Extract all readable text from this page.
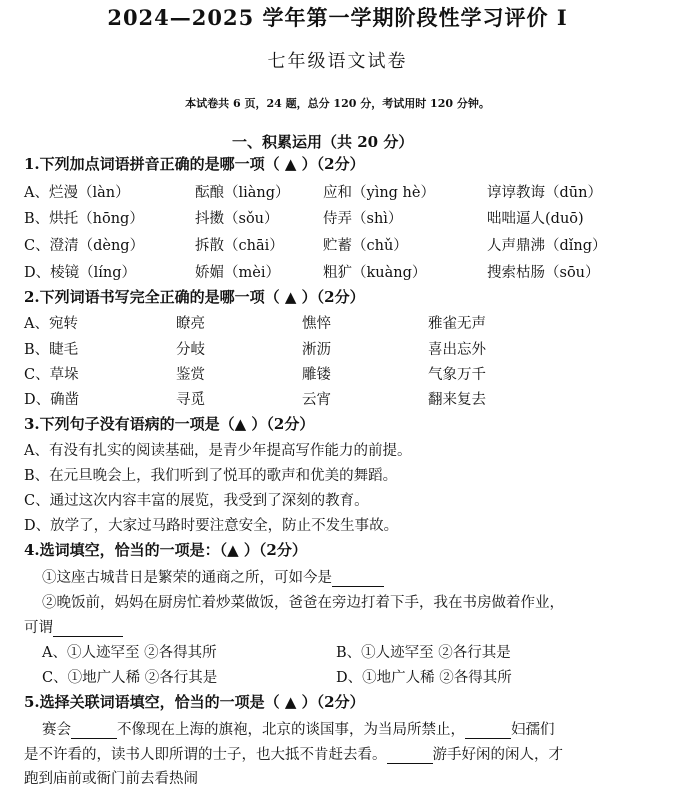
2024—2025 学年第一学期阶段性学习评价 I
七年级语文试卷
本试卷共 6 页，24 题，总分 120 分，考试用时 120 分钟。
一、积累运用（共 20 分）
1.下列加点词语拼音正确的是哪一项（ ▲ ）（2分）
A、烂漫（làn）	酝酿（liàng） 应和（yìng hè）	谆谆教诲（dūn）
B、烘托（hōng）	抖擞（sǒu）	侍弄（shì）	咄咄逼人(duō)
C、澄清（dèng）	拆散（chāi）	贮蓄（chǔ）	人声鼎沸（dǐng）
D、棱镜（líng）	娇媚（mèi）	粗犷（kuàng）	搜索枯肠（sōu）
2.下列词语书写完全正确的是哪一项（ ▲ ）（2分）
A、宛转	瞭亮	憔悴	雅雀无声
B、睫毛	分岐	淅沥	喜出忘外
C、草垛	鉴赏	雕镂	气象万千
D、确凿	寻觅	云宵	翻来复去
3.下列句子没有语病的一项是（▲ ）（2分）
A、有没有扎实的阅读基础，是青少年提高写作能力的前提。
B、在元旦晚会上，我们听到了悦耳的歌声和优美的舞蹈。
C、通过这次内容丰富的展览，我受到了深刻的教育。
D、放学了，大家过马路时要注意安全，防止不发生事故。
4.选词填空，恰当的一项是：（▲ ）（2分）
①这座古城昔日是繁荣的通商之所，可如今是
②晚饭前，妈妈在厨房忙着炒菜做饭，爸爸在旁边打着下手，我在书房做着作业，
可谓
A、①人迹罕至 ②各得其所	B、①人迹罕至 ②各行其是
C、①地广人稀 ②各行其是	D、①地广人稀 ②各得其所
5.选择关联词语填空，恰当的一项是（ ▲ ）（2分）
赛会	不像现在上海的旗袍，北京的谈国事，为当局所禁止，	妇孺们
是不许看的，读书人即所谓的士子，也大抵不肯赶去看。	游手好闲的闲人，才
跑到庙前或衙门前去看热闹
